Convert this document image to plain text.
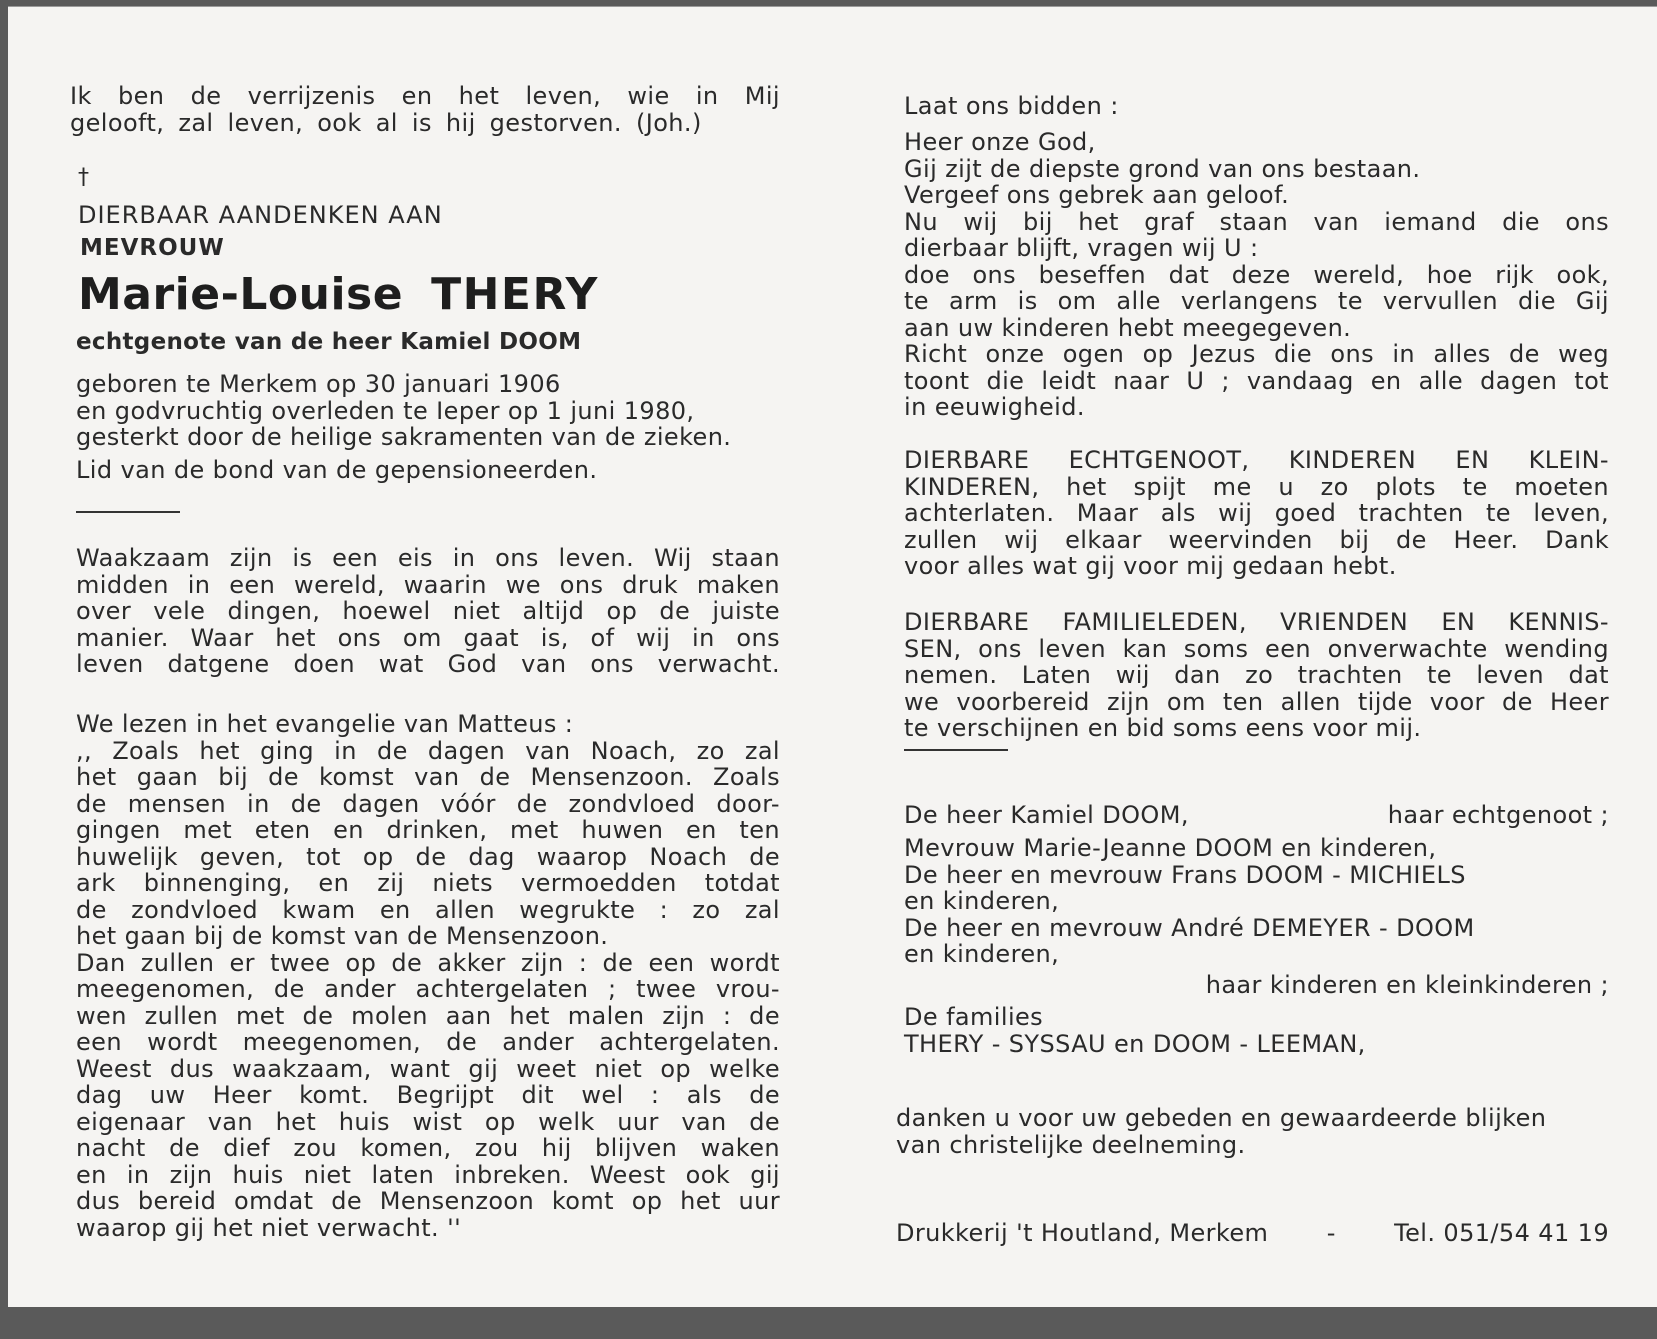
Ik ben de verrijzenis en het leven, wie in Mij
gelooft, zal leven, ook al is hij gestorven. (Joh.)
†
DIERBAAR AANDENKEN AAN
MEVROUW
Marie-Louise THERY
echtgenote van de heer Kamiel DOOM
geboren te Merkem op 30 januari 1906
en godvruchtig overleden te Ieper op 1 juni 1980,
gesterkt door de heilige sakramenten van de zieken.
Lid van de bond van de gepensioneerden.
Waakzaam zijn is een eis in ons leven. Wij staan
midden in een wereld, waarin we ons druk maken
over vele dingen, hoewel niet altijd op de juiste
manier. Waar het ons om gaat is, of wij in ons
leven datgene doen wat God van ons verwacht.
We lezen in het evangelie van Matteus :
,, Zoals het ging in de dagen van Noach, zo zal
het gaan bij de komst van de Mensenzoon. Zoals
de mensen in de dagen vóór de zondvloed door-
gingen met eten en drinken, met huwen en ten
huwelijk geven, tot op de dag waarop Noach de
ark binnenging, en zij niets vermoedden totdat
de zondvloed kwam en allen wegrukte : zo zal
het gaan bij de komst van de Mensenzoon.
Dan zullen er twee op de akker zijn : de een wordt
meegenomen, de ander achtergelaten ; twee vrou-
wen zullen met de molen aan het malen zijn : de
een wordt meegenomen, de ander achtergelaten.
Weest dus waakzaam, want gij weet niet op welke
dag uw Heer komt. Begrijpt dit wel : als de
eigenaar van het huis wist op welk uur van de
nacht de dief zou komen, zou hij blijven waken
en in zijn huis niet laten inbreken. Weest ook gij
dus bereid omdat de Mensenzoon komt op het uur
waarop gij het niet verwacht. ''
Laat ons bidden :
Heer onze God,
Gij zijt de diepste grond van ons bestaan.
Vergeef ons gebrek aan geloof.
Nu wij bij het graf staan van iemand die ons
dierbaar blijft, vragen wij U :
doe ons beseffen dat deze wereld, hoe rijk ook,
te arm is om alle verlangens te vervullen die Gij
aan uw kinderen hebt meegegeven.
Richt onze ogen op Jezus die ons in alles de weg
toont die leidt naar U ; vandaag en alle dagen tot
in eeuwigheid.
DIERBARE ECHTGENOOT, KINDEREN EN KLEIN-
KINDEREN, het spijt me u zo plots te moeten
achterlaten. Maar als wij goed trachten te leven,
zullen wij elkaar weervinden bij de Heer. Dank
voor alles wat gij voor mij gedaan hebt.
DIERBARE FAMILIELEDEN, VRIENDEN EN KENNIS-
SEN, ons leven kan soms een onverwachte wending
nemen. Laten wij dan zo trachten te leven dat
we voorbereid zijn om ten allen tijde voor de Heer
te verschijnen en bid soms eens voor mij.
De heer Kamiel DOOM,	haar echtgenoot ;
Mevrouw Marie-Jeanne DOOM en kinderen,
De heer en mevrouw Frans DOOM - MICHIELS
en kinderen,
De heer en mevrouw André DEMEYER - DOOM
en kinderen,
haar kinderen en kleinkinderen ;
De families
THERY - SYSSAU en DOOM - LEEMAN,
danken u voor uw gebeden en gewaardeerde blijken
van christelijke deelneming.
Drukkerij 't Houtland, Merkem - Tel. 051/54 41 19
